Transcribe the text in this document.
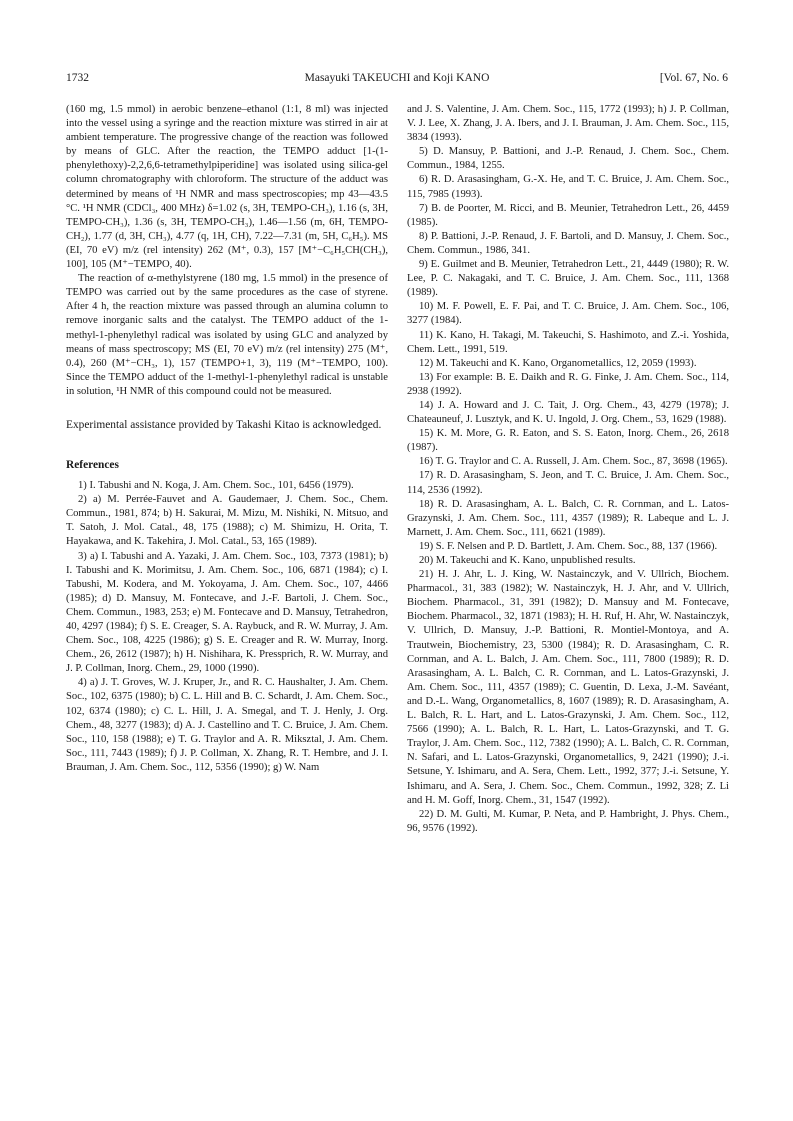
1732	Masayuki TAKEUCHI and Koji KANO	[Vol. 67, No. 6

(160 mg, 1.5 mmol) in aerobic benzene–ethanol (1:1, 8 ml) was injected into the vessel using a syringe and the reaction mixture was stirred in air at ambient temperature. The progressive change of the reaction was followed by means of GLC. After the reaction, the TEMPO adduct [1-(1-phenylethoxy)-2,2,6,6-tetramethylpiperidine] was isolated using silica-gel column chromatography with chloroform. The structure of the adduct was determined by means of ¹H NMR and mass spectroscopies; mp 43—43.5 °C. ¹H NMR (CDCl₃, 400 MHz) δ=1.02 (s, 3H, TEMPO-CH₃), 1.16 (s, 3H, TEMPO-CH₃), 1.36 (s, 3H, TEMPO-CH₃), 1.46—1.56 (m, 6H, TEMPO-CH₂), 1.77 (d, 3H, CH₃), 4.77 (q, 1H, CH), 7.22—7.31 (m, 5H, C₆H₅). MS (EI, 70 eV) m/z (rel intensity) 262 (M⁺, 0.3), 157 [M⁺−C₆H₅CH(CH₃), 100], 105 (M⁺−TEMPO, 40).

The reaction of α-methylstyrene (180 mg, 1.5 mmol) in the presence of TEMPO was carried out by the same procedures as the case of styrene. After 4 h, the reaction mixture was passed through an alumina column to remove inorganic salts and the catalyst. The TEMPO adduct of the 1-methyl-1-phenylethyl radical was isolated by using GLC and analyzed by means of mass spectroscopy; MS (EI, 70 eV) m/z (rel intensity) 275 (M⁺, 0.4), 260 (M⁺−CH₃, 1), 157 (TEMPO+1, 3), 119 (M⁺−TEMPO, 100). Since the TEMPO adduct of the 1-methyl-1-phenylethyl radical is unstable in solution, ¹H NMR of this compound could not be measured.

Experimental assistance provided by Takashi Kitao is acknowledged.

References

1) I. Tabushi and N. Koga, J. Am. Chem. Soc., 101, 6456 (1979).

2) a) M. Perrée-Fauvet and A. Gaudemaer, J. Chem. Soc., Chem. Commun., 1981, 874; b) H. Sakurai, M. Mizu, M. Nishiki, N. Mitsuo, and T. Satoh, J. Mol. Catal., 48, 175 (1988); c) M. Shimizu, H. Orita, T. Hayakawa, and K. Takehira, J. Mol. Catal., 53, 165 (1989).

3) a) I. Tabushi and A. Yazaki, J. Am. Chem. Soc., 103, 7373 (1981); b) I. Tabushi and K. Morimitsu, J. Am. Chem. Soc., 106, 6871 (1984); c) I. Tabushi, M. Kodera, and M. Yokoyama, J. Am. Chem. Soc., 107, 4466 (1985); d) D. Mansuy, M. Fontecave, and J.-F. Bartoli, J. Chem. Soc., Chem. Commun., 1983, 253; e) M. Fontecave and D. Mansuy, Tetrahedron, 40, 4297 (1984); f) S. E. Creager, S. A. Raybuck, and R. W. Murray, J. Am. Chem. Soc., 108, 4225 (1986); g) S. E. Creager and R. W. Murray, Inorg. Chem., 26, 2612 (1987); h) H. Nishihara, K. Pressprich, R. W. Murray, and J. P. Collman, Inorg. Chem., 29, 1000 (1990).

4) a) J. T. Groves, W. J. Kruper, Jr., and R. C. Haushalter, J. Am. Chem. Soc., 102, 6375 (1980); b) C. L. Hill and B. C. Schardt, J. Am. Chem. Soc., 102, 6374 (1980); c) C. L. Hill, J. A. Smegal, and T. J. Henly, J. Org. Chem., 48, 3277 (1983); d) A. J. Castellino and T. C. Bruice, J. Am. Chem. Soc., 110, 158 (1988); e) T. G. Traylor and A. R. Miksztal, J. Am. Chem. Soc., 111, 7443 (1989); f) J. P. Collman, X. Zhang, R. T. Hembre, and J. I. Brauman, J. Am. Chem. Soc., 112, 5356 (1990); g) W. Nam

and J. S. Valentine, J. Am. Chem. Soc., 115, 1772 (1993); h) J. P. Collman, V. J. Lee, X. Zhang, J. A. Ibers, and J. I. Brauman, J. Am. Chem. Soc., 115, 3834 (1993).

5) D. Mansuy, P. Battioni, and J.-P. Renaud, J. Chem. Soc., Chem. Commun., 1984, 1255.

6) R. D. Arasasingham, G.-X. He, and T. C. Bruice, J. Am. Chem. Soc., 115, 7985 (1993).

7) B. de Poorter, M. Ricci, and B. Meunier, Tetrahedron Lett., 26, 4459 (1985).

8) P. Battioni, J.-P. Renaud, J. F. Bartoli, and D. Mansuy, J. Chem. Soc., Chem. Commun., 1986, 341.

9) E. Guilmet and B. Meunier, Tetrahedron Lett., 21, 4449 (1980); R. W. Lee, P. C. Nakagaki, and T. C. Bruice, J. Am. Chem. Soc., 111, 1368 (1989).

10) M. F. Powell, E. F. Pai, and T. C. Bruice, J. Am. Chem. Soc., 106, 3277 (1984).

11) K. Kano, H. Takagi, M. Takeuchi, S. Hashimoto, and Z.-i. Yoshida, Chem. Lett., 1991, 519.

12) M. Takeuchi and K. Kano, Organometallics, 12, 2059 (1993).

13) For example: B. E. Daikh and R. G. Finke, J. Am. Chem. Soc., 114, 2938 (1992).

14) J. A. Howard and J. C. Tait, J. Org. Chem., 43, 4279 (1978); J. Chateauneuf, J. Lusztyk, and K. U. Ingold, J. Org. Chem., 53, 1629 (1988).

15) K. M. More, G. R. Eaton, and S. S. Eaton, Inorg. Chem., 26, 2618 (1987).

16) T. G. Traylor and C. A. Russell, J. Am. Chem. Soc., 87, 3698 (1965).

17) R. D. Arasasingham, S. Jeon, and T. C. Bruice, J. Am. Chem. Soc., 114, 2536 (1992).

18) R. D. Arasasingham, A. L. Balch, C. R. Cornman, and L. Latos-Grazynski, J. Am. Chem. Soc., 111, 4357 (1989); R. Labeque and L. J. Marnett, J. Am. Chem. Soc., 111, 6621 (1989).

19) S. F. Nelsen and P. D. Bartlett, J. Am. Chem. Soc., 88, 137 (1966).

20) M. Takeuchi and K. Kano, unpublished results.

21) H. J. Ahr, L. J. King, W. Nastainczyk, and V. Ullrich, Biochem. Pharmacol., 31, 383 (1982); W. Nastainczyk, H. J. Ahr, and V. Ullrich, Biochem. Pharmacol., 31, 391 (1982); D. Mansuy and M. Fontecave, Biochem. Pharmacol., 32, 1871 (1983); H. H. Ruf, H. Ahr, W. Nastainczyk, V. Ullrich, D. Mansuy, J.-P. Battioni, R. Montiel-Montoya, and A. Trautwein, Biochemistry, 23, 5300 (1984); R. D. Arasasingham, C. R. Cornman, and A. L. Balch, J. Am. Chem. Soc., 111, 7800 (1989); R. D. Arasasingham, A. L. Balch, C. R. Cornman, and L. Latos-Grazynski, J. Am. Chem. Soc., 111, 4357 (1989); C. Guentin, D. Lexa, J.-M. Savéant, and D.-L. Wang, Organometallics, 8, 1607 (1989); R. D. Arasasingham, A. L. Balch, R. L. Hart, and L. Latos-Grazynski, J. Am. Chem. Soc., 112, 7566 (1990); A. L. Balch, R. L. Hart, L. Latos-Grazynski, and T. G. Traylor, J. Am. Chem. Soc., 112, 7382 (1990); A. L. Balch, C. R. Cornman, N. Safari, and L. Latos-Grazynski, Organometallics, 9, 2421 (1990); J.-i. Setsune, Y. Ishimaru, and A. Sera, Chem. Lett., 1992, 377; J.-i. Setsune, Y. Ishimaru, and A. Sera, J. Chem. Soc., Chem. Commun., 1992, 328; Z. Li and H. M. Goff, Inorg. Chem., 31, 1547 (1992).

22) D. M. Gulti, M. Kumar, P. Neta, and P. Hambright, J. Phys. Chem., 96, 9576 (1992).
